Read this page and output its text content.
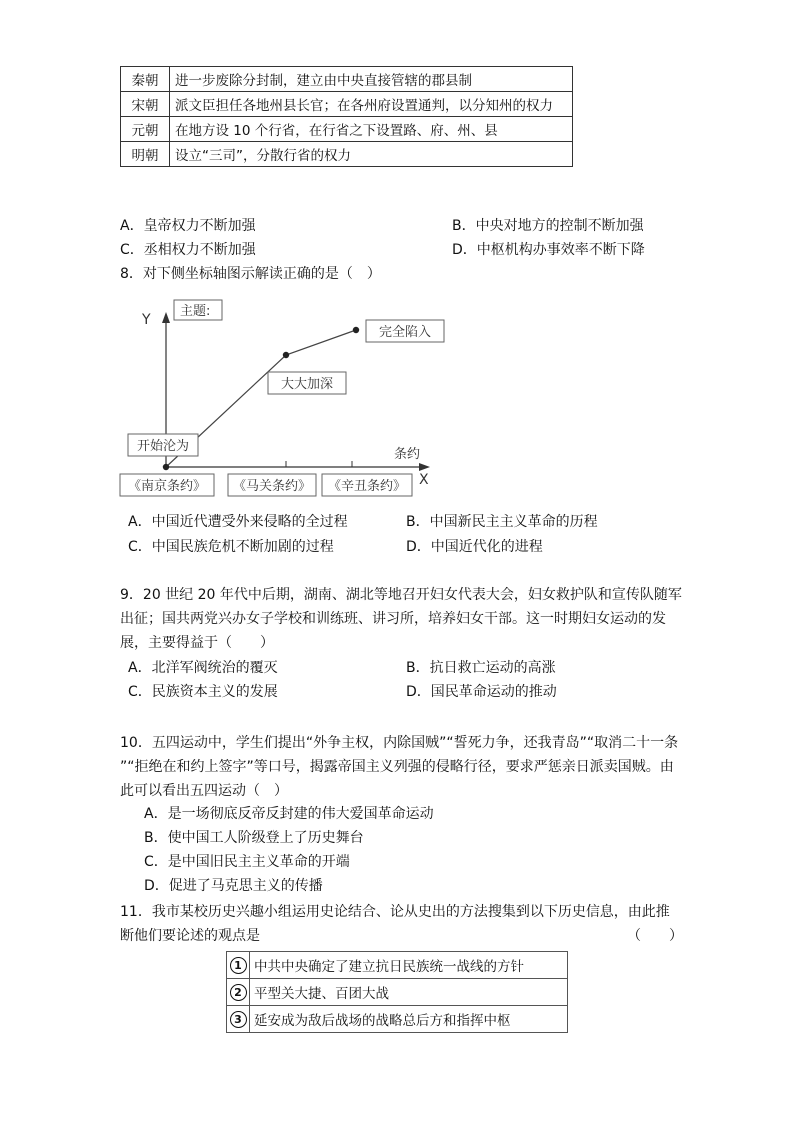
秦朝	进一步废除分封制，建立由中央直接管辖的郡县制
宋朝	派文臣担任各地州县长官；在各州府设置通判，以分知州的权力
元朝	在地方设 10 个行省，在行省之下设置路、府、州、县
明朝	设立“三司”，分散行省的权力
A．皇帝权力不断加强	B．中央对地方的控制不断加强
C．丞相权力不断加强	D．中枢机构办事效率不断下降
8．对下侧坐标轴图示解读正确的是（　）
Y
X
条约
主题:
开始沦为
大大加深
完全陷入
《南京条约》 《马关条约》 《辛丑条约》
A．中国近代遭受外来侵略的全过程	B．中国新民主主义革命的历程
C．中国民族危机不断加剧的过程	D．中国近代化的进程
9．20 世纪 20 年代中后期，湖南、湖北等地召开妇女代表大会，妇女救护队和宣传队随军
出征；国共两党兴办女子学校和训练班、讲习所，培养妇女干部。这一时期妇女运动的发
展，主要得益于（　　）
A．北洋军阀统治的覆灭	B．抗日救亡运动的高涨
C．民族资本主义的发展	D．国民革命运动的推动
10．五四运动中，学生们提出“外争主权，内除国贼”“誓死力争，还我青岛”“取消二十一条
”“拒绝在和约上签字”等口号，揭露帝国主义列强的侵略行径，要求严惩亲日派卖国贼。由
此可以看出五四运动（　）
A．是一场彻底反帝反封建的伟大爱国革命运动
B．使中国工人阶级登上了历史舞台
C．是中国旧民主主义革命的开端
D．促进了马克思主义的传播
11．我市某校历史兴趣小组运用史论结合、论从史出的方法搜集到以下历史信息，由此推
断他们要论述的观点是	（　　）
1	中共中央确定了建立抗日民族统一战线的方针
2	平型关大捷、百团大战
3	延安成为敌后战场的战略总后方和指挥中枢
